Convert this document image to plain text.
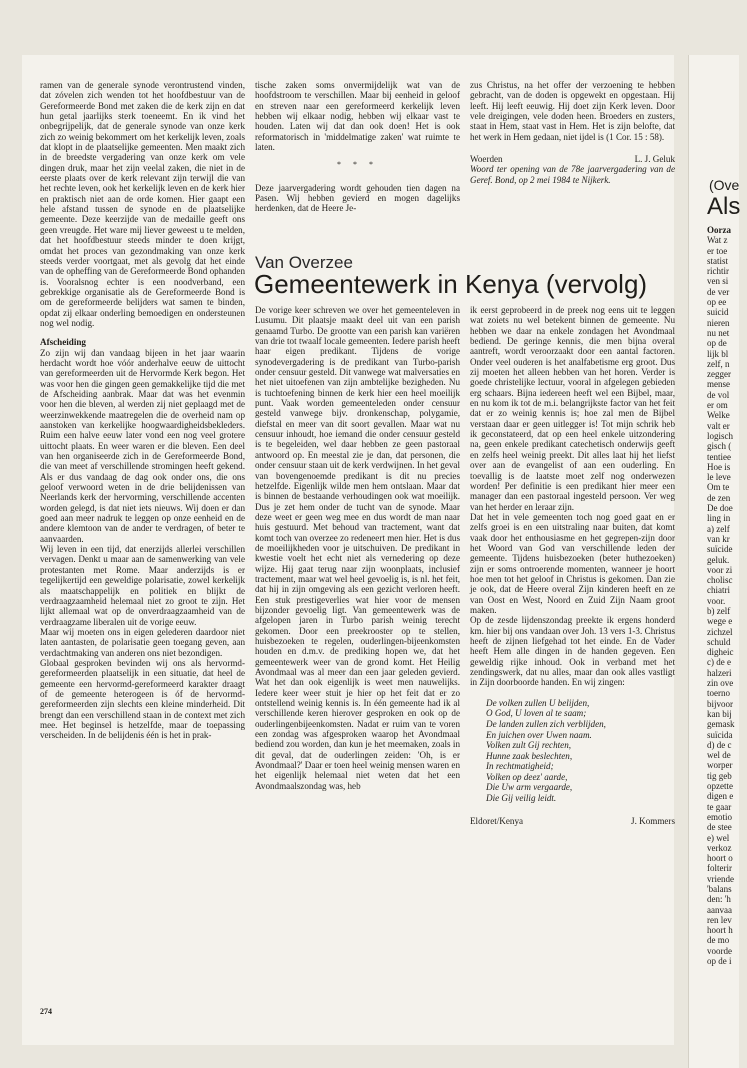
ramen van de generale synode verontrustend vinden, dat zóvelen zich wenden tot het hoofdbestuur van de Gereformeerde Bond met zaken die de kerk zijn en dat hun getal jaarlijks sterk toeneemt. En ik vind het onbegrijpelijk, dat de generale synode van onze kerk zich zo weinig bekommert om het kerkelijk leven, zoals dat klopt in de plaatselijke gemeenten. Men maakt zich in de breedste vergadering van onze kerk om vele dingen druk, maar het zijn veelal zaken, die niet in de eerste plaats over de kerk relevant zijn terwijl die van het rechte leven, ook het kerkelijk leven en de kerk hier en praktisch niet aan de orde komen. Hier gaapt een hele afstand tussen de synode en de plaatselijke gemeente. Deze keerzijde van de medaille geeft ons geen vreugde. Het ware mij liever geweest u te melden, dat het hoofdbestuur steeds minder te doen krijgt, omdat het proces van gezondmaking van onze kerk steeds verder voortgaat, met als gevolg dat het einde van de opheffing van de Gereformeerde Bond ophanden is. Vooralsnog echter is een noodverband, een gebrekkige organisatie als de Gereformeerde Bond is om de gereformeerde belijders wat samen te binden, opdat zij elkaar onderling bemoedigen en ondersteunen nog wel nodig.

Afscheiding

Zo zijn wij dan vandaag bijeen in het jaar waarin herdacht wordt hoe vóór anderhalve eeuw de uittocht van gereformeerden uit de Hervormde Kerk begon. Het was voor hen die gingen geen gemakkelijke tijd die met de Afscheiding aanbrak. Maar dat was het evenmin voor hen die bleven, al werden zij niet geplaagd met de weerzinwekkende maatregelen die de overheid nam op aanstoken van kerkelijke hoogwaardigheidsbekleders. Ruim een halve eeuw later vond een nog veel grotere uittocht plaats. En weer waren er die bleven. Een deel van hen organiseerde zich in de Gereformeerde Bond, die van meet af verschillende stromingen heeft gekend. Als er dus vandaag de dag ook onder ons, die ons geloof verwoord weten in de drie belijdenissen van Neerlands kerk der hervorming, verschillende accenten worden gelegd, is dat niet iets nieuws. Wij doen er dan goed aan meer nadruk te leggen op onze eenheid en de andere klemtoon van de ander te verdragen, of beter te aanvaarden.

Wij leven in een tijd, dat enerzijds allerlei verschillen vervagen. Denkt u maar aan de samenwerking van vele protestanten met Rome. Maar anderzijds is er tegelijkertijd een geweldige polarisatie, zowel kerkelijk als maatschappelijk en politiek en blijkt de verdraagzaamheid helemaal niet zo groot te zijn. Het lijkt allemaal wat op de onverdraagzaamheid van de verdraagzame liberalen uit de vorige eeuw.

Maar wij moeten ons in eigen gelederen daardoor niet laten aantasten, de polarisatie geen toegang geven, aan verdachtmaking van anderen ons niet bezondigen.

Globaal gesproken bevinden wij ons als hervormd-gereformeerden plaatselijk in een situatie, dat heel de gemeente een hervormd-gereformeerd karakter draagt of de gemeente heterogeen is óf de hervormd-gereformeerden zijn slechts een kleine minderheid. Dit brengt dan een verschillend staan in de context met zich mee. Het beginsel is hetzelfde, maar de toepassing verscheiden. In de belijdenis één is het in prak-

tische zaken soms onvermijdelijk wat van de hoofdstroom te verschillen. Maar bij eenheid in geloof en streven naar een gereformeerd kerkelijk leven hebben wij elkaar nodig, hebben wij elkaar vast te houden. Laten wij dat dan ook doen! Het is ook reformatorisch in 'middelmatige zaken' wat ruimte te laten.

* * *

Deze jaarvergadering wordt gehouden tien dagen na Pasen. Wij hebben gevierd en mogen dagelijks herdenken, dat de Heere Je-

zus Christus, na het offer der verzoening te hebben gebracht, van de doden is opgewekt en opgestaan. Hij leeft. Hij leeft eeuwig. Hij doet zijn Kerk leven. Door vele dreigingen, vele doden heen. Broeders en zusters, staat in Hem, staat vast in Hem. Het is zijn belofte, dat het werk in Hem gedaan, niet ijdel is (1 Cor. 15 : 58).

Woerden	L. J. Geluk

Woord ter opening van de 78e jaarvergadering van de Geref. Bond, op 2 mei 1984 te Nijkerk.

Van Overzee
Gemeentewerk in Kenya (vervolg)

De vorige keer schreven we over het gemeenteleven in Lusumu. Dit plaatsje maakt deel uit van een parish genaamd Turbo. De grootte van een parish kan variëren van drie tot twaalf locale gemeenten. Iedere parish heeft haar eigen predikant. Tijdens de vorige synodevergadering is de predikant van Turbo-parish onder censuur gesteld. Dit vanwege wat malversaties en het niet uitoefenen van zijn ambtelijke bezigheden. Nu is tuchtoefening binnen de kerk hier een heel moeilijk punt. Vaak worden gemeenteleden onder censuur gesteld vanwege bijv. dronkenschap, polygamie, diefstal en meer van dit soort gevallen. Maar wat nu censuur inhoudt, hoe iemand die onder censuur gesteld is te begeleiden, wel daar hebben ze geen pastoraal antwoord op. En meestal zie je dan, dat personen, die onder censuur staan uit de kerk verdwijnen. In het geval van bovengenoemde predikant is dit nu precies hetzelfde. Eigenlijk wilde men hem ontslaan. Maar dat is binnen de bestaande verhoudingen ook wat moeilijk. Dus je zet hem onder de tucht van de synode. Maar deze weet er geen weg mee en dus wordt de man naar huis gestuurd. Met behoud van tractement, want dat komt toch van overzee zo redeneert men hier. Het is dus de moeilijkheden voor je uitschuiven. De predikant in kwestie voelt het echt niet als vernedering op deze wijze. Hij gaat terug naar zijn woonplaats, inclusief tractement, maar wat wel heel gevoelig is, is nl. het feit, dat hij in zijn omgeving als een gezicht verloren heeft. Een stuk prestigeverlies wat hier voor de mensen bijzonder gevoelig ligt. Van gemeentewerk was de afgelopen jaren in Turbo parish weinig terecht gekomen. Door een preekrooster op te stellen, huisbezoeken te regelen, ouderlingen-bijeenkomsten houden en d.m.v. de prediking hopen we, dat het gemeentewerk weer van de grond komt. Het Heilig Avondmaal was al meer dan een jaar geleden gevierd. Wat het dan ook eigenlijk is weet men nauwelijks. Iedere keer weer stuit je hier op het feit dat er zo ontstellend weinig kennis is. In één gemeente had ik al verschillende keren hierover gesproken en ook op de ouderlingenbijeenkomsten. Nadat er ruim van te voren een zondag was afgesproken waarop het Avondmaal bediend zou worden, dan kun je het meemaken, zoals in dit geval, dat de ouderlingen zeiden: 'Oh, is er Avondmaal?' Daar er toen heel weinig mensen waren en het eigenlijk helemaal niet weten dat het een Avondmaalszondag was, heb

ik eerst geprobeerd in de preek nog eens uit te leggen wat zoiets nu wel betekent binnen de gemeente. Nu hebben we daar na enkele zondagen het Avondmaal bediend. De geringe kennis, die men bijna overal aantreft, wordt veroorzaakt door een aantal factoren. Onder veel ouderen is het analfabetisme erg groot. Dus zij moeten het alleen hebben van het horen. Verder is goede christelijke lectuur, vooral in afgelegen gebieden erg schaars. Bijna iedereen heeft wel een Bijbel, maar, en nu kom ik tot de m.i. belangrijkste factor van het feit dat er zo weinig kennis is; hoe zal men de Bijbel verstaan daar er geen uitlegger is! Tot mijn schrik heb ik geconstateerd, dat op een heel enkele uitzondering na, geen enkele predikant catechetisch onderwijs geeft en zelfs heel weinig preekt. Dit alles laat hij het liefst over aan de evangelist of aan een ouderling. En toevallig is de laatste moet zelf nog onderwezen worden! Per definitie is een predikant hier meer een manager dan een pastoraal ingesteld persoon. Ver weg van het herder en leraar zijn.

Dat het in vele gemeenten toch nog goed gaat en er zelfs groei is en een uitstraling naar buiten, dat komt vaak door het enthousiasme en het gegrepen-zijn door het Woord van God van verschillende leden der gemeente. Tijdens huisbezoeken (beter huthezoeken) zijn er soms ontroerende momenten, wanneer je hoort hoe men tot het geloof in Christus is gekomen. Dan zie je ook, dat de Heere overal Zijn kinderen heeft en ze van Oost en West, Noord en Zuid Zijn Naam groot maken.

Op de zesde lijdenszondag preekte ik ergens honderd km. hier bij ons vandaan over Joh. 13 vers 1-3. Christus heeft de zijnen liefgehad tot het einde. En de Vader heeft Hem alle dingen in de handen gegeven. Een geweldig rijke inhoud. Ook in verband met het zendingswerk, dat nu alles, maar dan ook alles vastligt in Zijn doorboorde handen. En wij zingen:

De volken zullen U belijden,
O God, U loven al te saam;
De landen zullen zich verblijden,
En juichen over Uwen naam.
Volken zult Gij rechten,
Hunne zaak beslechten,
In rechtmatigheid;
Volken op deez' aarde,
Die Uw arm vergaarde,
Die Gij veilig leidt.
Eldoret/Kenya	J. Kommers
274
(Ove
Als
Oorza
Wat z
er toe
statist
richtir
ven si
de ver
op ee
suicid
nieren
nu net
op de
lijk bl
zelf, n
zegger
mense
de vol
er om
Welke
valt er
logisch
gisch (
tentiee
Hoe is
le leve
Om te
de zen
De doe
ling in
a) zelf
van kr
suïcide
geluk.
voor zi
cholisc
chiatri
voor.
b) zelf
wege e
zichzel
schuld
digheic
c) de e
halzeri
zin ove
toerno
bijvoor
kan bij
gemask
suïcida
d) de c
wel de
worper
tig geb
opzette
digen e
te gaar
emotio
de stee
e) wel
verkoz
hoort o
folterir
vriende
'balans
den: 'h
aanvaa
ren lev
hoort h
de mo
voorde
op de i
